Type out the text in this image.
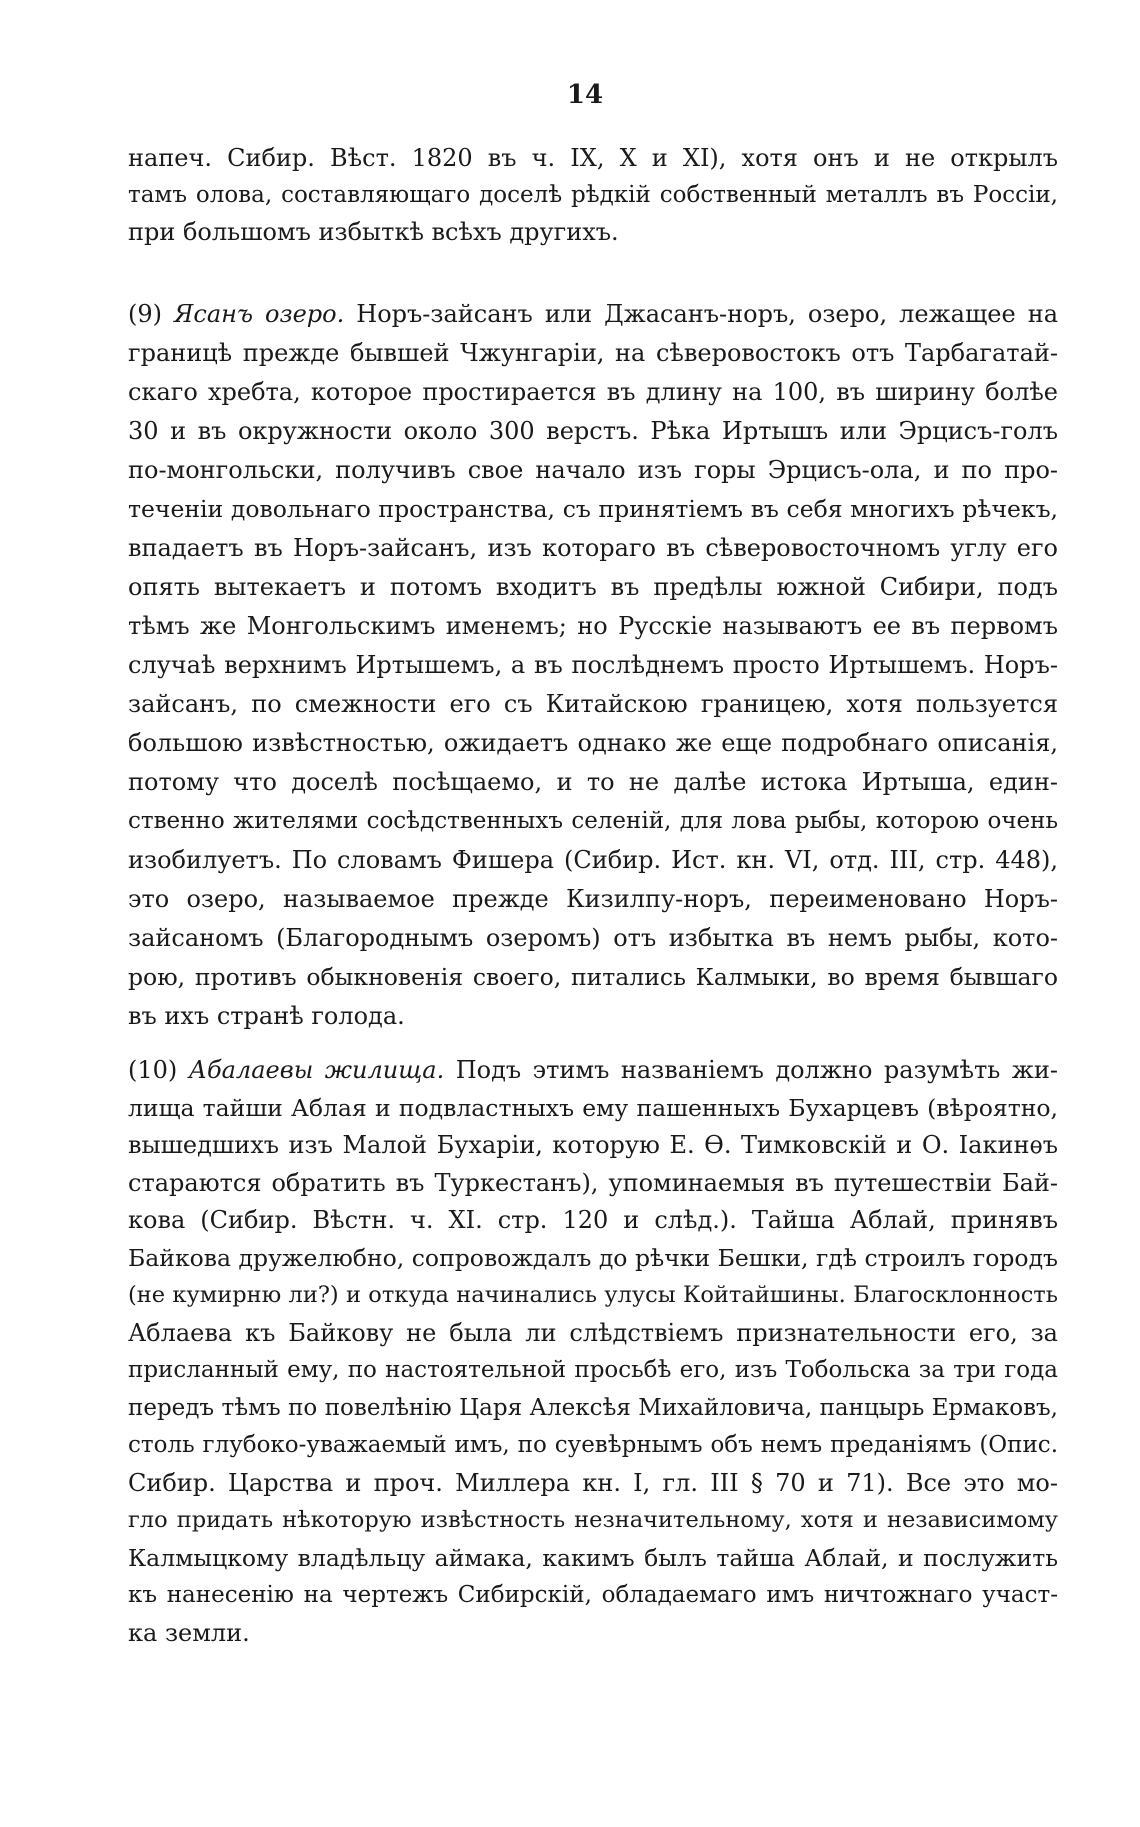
14
напеч. Сибир. Вѣст. 1820 въ ч. IX, X и XI), хотя онъ и не открылъ
тамъ олова, составляющаго доселѣ рѣдкій собственный металлъ въ Россіи,
при большомъ избыткѣ всѣхъ другихъ.
(9) Ясанъ озеро. Норъ-зайсанъ или Джасанъ-норъ, озеро, лежащее на
границѣ прежде бывшей Чжунгаріи, на сѣверовостокъ отъ Тарбагатай-
скаго хребта, которое простирается въ длину на 100, въ ширину болѣе
30 и въ окружности около 300 верстъ. Рѣка Иртышъ или Эрцисъ-голъ
по-монгольски, получивъ свое начало изъ горы Эрцисъ-ола, и по про-
теченіи довольнаго пространства, съ принятіемъ въ себя многихъ рѣчекъ,
впадаетъ въ Норъ-зайсанъ, изъ котораго въ сѣверовосточномъ углу его
опять вытекаетъ и потомъ входитъ въ предѣлы южной Сибири, подъ
тѣмъ же Монгольскимъ именемъ; но Русскіе называютъ ее въ первомъ
случаѣ верхнимъ Иртышемъ, а въ послѣднемъ просто Иртышемъ. Норъ-
зайсанъ, по смежности его съ Китайскою границею, хотя пользуется
большою извѣстностью, ожидаетъ однако же еще подробнаго описанія,
потому что доселѣ посѣщаемо, и то не далѣе истока Иртыша, един-
ственно жителями сосѣдственныхъ селеній, для лова рыбы, которою очень
изобилуетъ. По словамъ Фишера (Сибир. Ист. кн. VI, отд. III, стр. 448),
это озеро, называемое прежде Кизилпу-норъ, переименовано Норъ-
зайсаномъ (Благороднымъ озеромъ) отъ избытка въ немъ рыбы, кото-
рою, противъ обыкновенія своего, питались Калмыки, во время бывшаго
въ ихъ странѣ голода.
(10) Абалаевы жилища. Подъ этимъ названіемъ должно разумѣть жи-
лища тайши Аблая и подвластныхъ ему пашенныхъ Бухарцевъ (вѣроятно,
вышедшихъ изъ Малой Бухаріи, которую Е. Ѳ. Тимковскій и О. Іакинѳъ
стараются обратить въ Туркестанъ), упоминаемыя въ путешествіи Бай-
кова (Сибир. Вѣстн. ч. XI. стр. 120 и слѣд.). Тайша Аблай, принявъ
Байкова дружелюбно, сопровождалъ до рѣчки Бешки, гдѣ строилъ городъ
(не кумирню ли?) и откуда начинались улусы Койтайшины. Благосклонность
Аблаева къ Байкову не была ли слѣдствіемъ признательности его, за
присланный ему, по настоятельной просьбѣ его, изъ Тобольска за три года
передъ тѣмъ по повелѣнію Царя Алексѣя Михайловича, панцырь Ермаковъ,
столь глубоко-уважаемый имъ, по суевѣрнымъ объ немъ преданіямъ (Опис.
Сибир. Царства и проч. Миллера кн. I, гл. III § 70 и 71). Все это мо-
гло придать нѣкоторую извѣстность незначительному, хотя и независимому
Калмыцкому владѣльцу аймака, какимъ былъ тайша Аблай, и послужить
къ нанесенію на чертежъ Сибирскій, обладаемаго имъ ничтожнаго участ-
ка земли.
